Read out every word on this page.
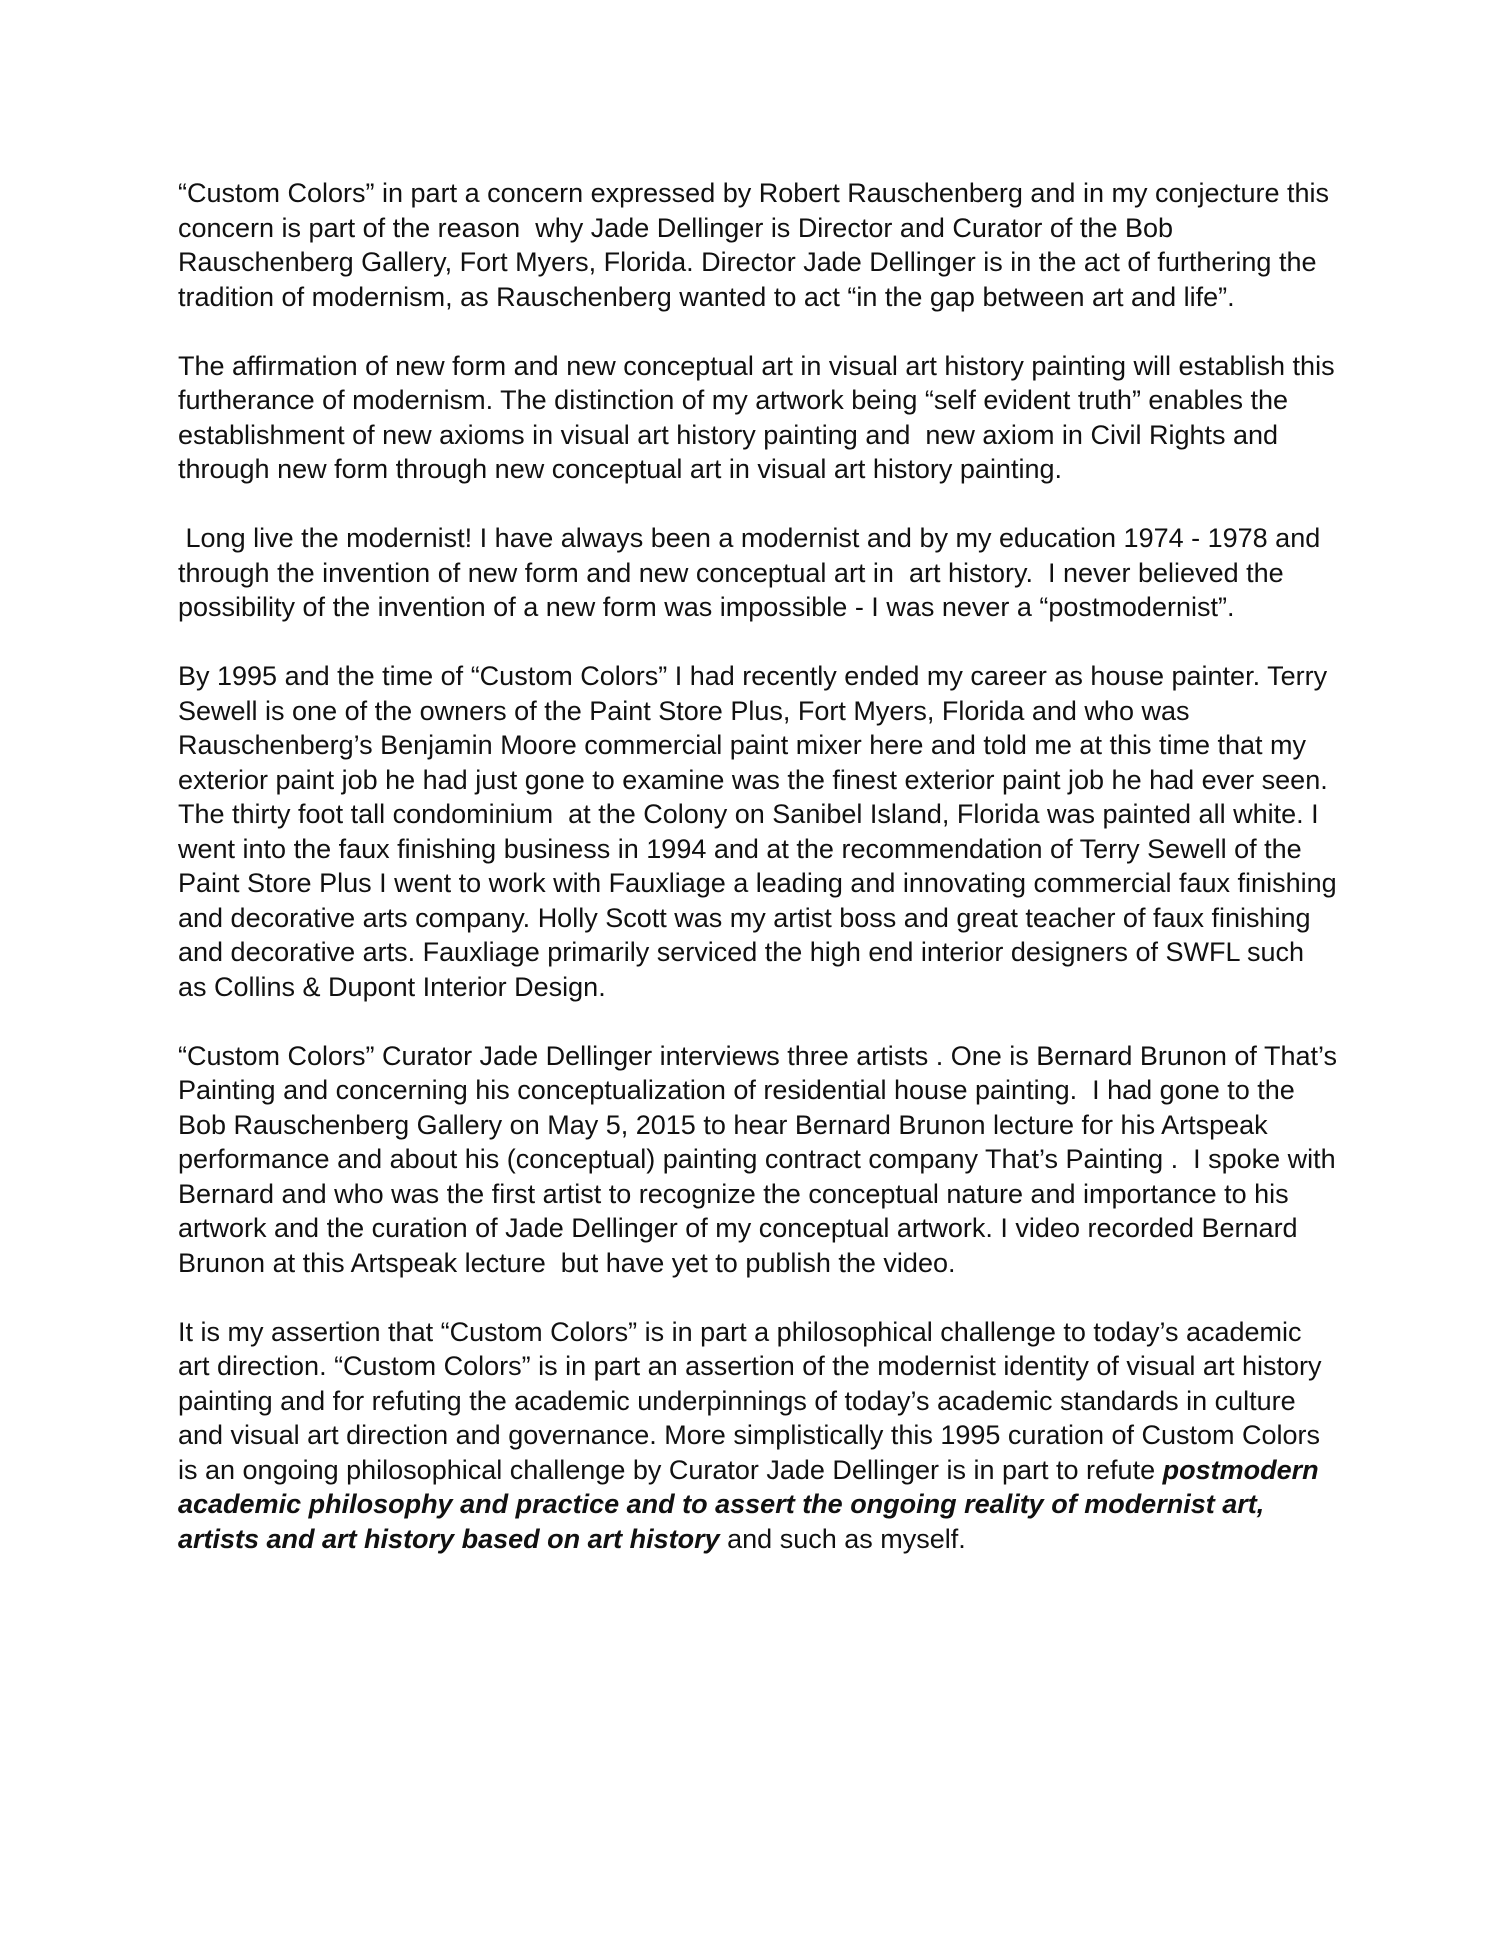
“Custom Colors” in part a concern expressed by Robert Rauschenberg and in my conjecture this concern is part of the reason  why Jade Dellinger is Director and Curator of the Bob Rauschenberg Gallery, Fort Myers, Florida. Director Jade Dellinger is in the act of furthering the tradition of modernism, as Rauschenberg wanted to act “in the gap between art and life”.

The affirmation of new form and new conceptual art in visual art history painting will establish this furtherance of modernism. The distinction of my artwork being “self evident truth” enables the  establishment of new axioms in visual art history painting and  new axiom in Civil Rights and through new form through new conceptual art in visual art history painting.

Long live the modernist! I have always been a modernist and by my education 1974 - 1978 and through the invention of new form and new conceptual art in  art history.  I never believed the possibility of the invention of a new form was impossible - I was never a “postmodernist”.

By 1995 and the time of “Custom Colors” I had recently ended my career as house painter. Terry Sewell is one of the owners of the Paint Store Plus, Fort Myers, Florida and who was Rauschenberg’s Benjamin Moore commercial paint mixer here and told me at this time that my exterior paint job he had just gone to examine was the finest exterior paint job he had ever seen. The thirty foot tall condominium  at the Colony on Sanibel Island, Florida was painted all white. I went into the faux finishing business in 1994 and at the recommendation of Terry Sewell of the Paint Store Plus I went to work with Fauxliage a leading and innovating commercial faux finishing and decorative arts company. Holly Scott was my artist boss and great teacher of faux finishing and decorative arts. Fauxliage primarily serviced the high end interior designers of SWFL such as Collins & Dupont Interior Design.

“Custom Colors” Curator Jade Dellinger interviews three artists . One is Bernard Brunon of That’s Painting and concerning his conceptualization of residential house painting.  I had gone to the Bob Rauschenberg Gallery on May 5, 2015 to hear Bernard Brunon lecture for his Artspeak performance and about his (conceptual) painting contract company That’s Painting .  I spoke with Bernard and who was the first artist to recognize the conceptual nature and importance to his artwork and the curation of Jade Dellinger of my conceptual artwork. I video recorded Bernard Brunon at this Artspeak lecture  but have yet to publish the video.

It is my assertion that “Custom Colors” is in part a philosophical challenge to today’s academic art direction. “Custom Colors” is in part an assertion of the modernist identity of visual art history painting and for refuting the academic underpinnings of today’s academic standards in culture and visual art direction and governance. More simplistically this 1995 curation of Custom Colors is an ongoing philosophical challenge by Curator Jade Dellinger is in part to refute postmodern academic philosophy and practice and to assert the ongoing reality of modernist art, artists and art history based on art history and such as myself.
